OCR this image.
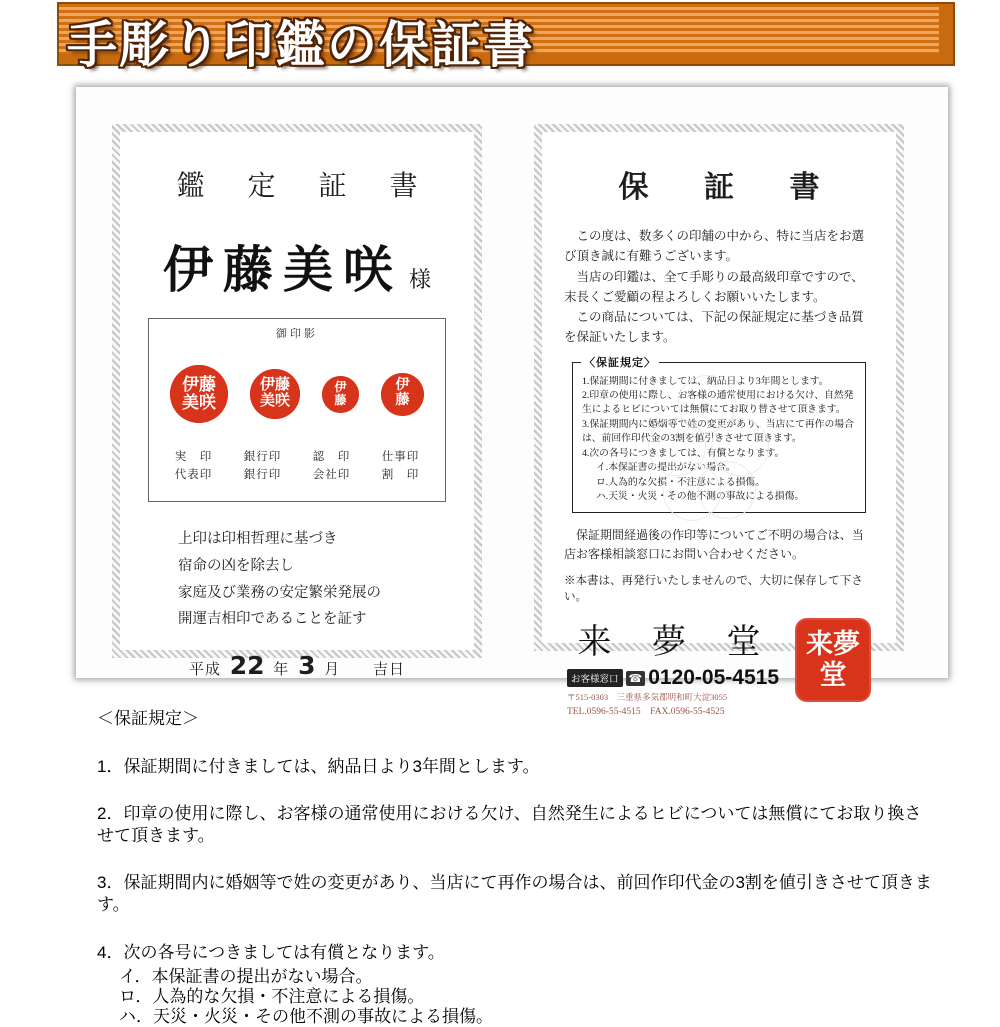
手彫り印鑑の保証書
鑑 定 証 書
伊藤美咲 様
御印影
伊藤美咲
伊藤美咲
伊藤
伊藤
実　印
代表印
銀行印
銀行印
認　印
会社印
仕事印
割　印
上印は印相哲理に基づき
宿命の凶を除去し
家庭及び業務の安定繁栄発展の
開運吉相印であることを証す
平成 22 年 3 月 吉日
保 証 書

この度は、数多くの印舗の中から、特に当店をお選び頂き誠に有難うございます。

当店の印鑑は、全て手彫りの最高級印章ですので、末長くご愛顧の程よろしくお願いいたします。

この商品については、下記の保証規定に基づき品質を保証いたします。

〈保証規定〉
1.保証期間に付きましては、納品日より3年間とします。
2.印章の使用に際し、お客様の通常使用における欠け、自然発生によるヒビについては無償にてお取り替させて頂きます。
3.保証期間内に婚姻等で姓の変更があり、当店にて再作の場合は、前回作印代金の3割を値引きさせて頂きます。
4.次の各号につきましては、有償となります。
イ.本保証書の提出がない場合。
ロ.人為的な欠損・不注意による損傷。
ハ.天災・火災・その他不測の事故による損傷。
保証期間経過後の作印等についてご不明の場合は、当店お客様相談窓口にお問い合わせください。
※本書は、再発行いたしませんので、大切に保存して下さい。
来 夢 堂
お客様窓口 ☎ 0120-05-4515
〒515-0303　三重県多気郡明和町大淀3055
TEL.0596-55-4515　FAX.0596-55-4525
来夢堂
＜保証規定＞
1．保証期間に付きましては、納品日より3年間とします。
2．印章の使用に際し、お客様の通常使用における欠け、自然発生によるヒビについては無償にてお取り換させて頂きます。
3．保証期間内に婚姻等で姓の変更があり、当店にて再作の場合は、前回作印代金の3割を値引きさせて頂きます。
4．次の各号につきましては有償となります。
イ．本保証書の提出がない場合。
ロ．人為的な欠損・不注意による損傷。
ハ．天災・火災・その他不測の事故による損傷。
